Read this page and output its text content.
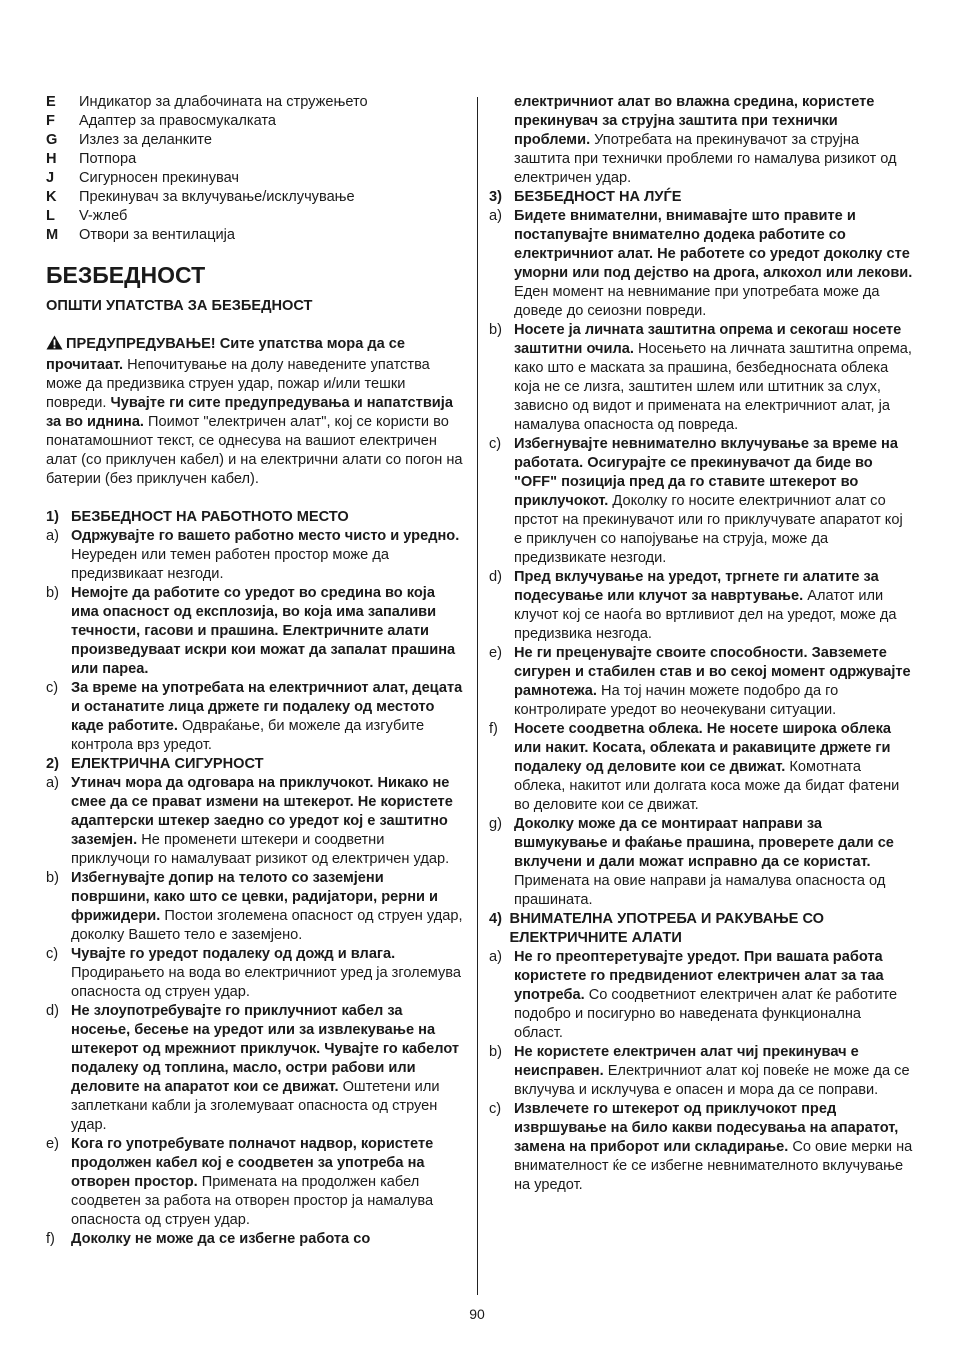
E	Индикатор за длабочината на стружењето
F	Адаптер за правосмукалката
G	Излез за деланките
H	Потпора
J	Сигурносен прекинувач
K	Прекинувач за вклучување/исклучување
L	V-жлеб
M	Отвори за вентилација
БЕЗБЕДНОСТ

ОПШТИ УПАТСТВА ЗА БЕЗБЕДНОСТ

ПРЕДУПРЕДУВАЊЕ! Сите упатства мора да се прочитаат. Непочитување на долу наведените упатства може да предизвика струен удар, пожар и/или тешки повреди. Чувајте ги сите предупредувања и напатствија за во иднина. Поимот "електричен алат", кој се користи во понатамошниот текст, се однесува на вашиот електричен алат (со приклучен кабел) и на електрични алати со погон на батерии (без приклучен кабел).

1) БЕЗБЕДНОСТ НА РАБОТНОТО МЕСТО
a) Одржувајте го вашето работно место чисто и уредно. Неуреден или темен работен простор може да предизвикаат незгоди.
b) Немојте да работите со уредот во средина во која има опасност од експлозија, во која има запаливи течности, гасови и прашина. Електричните алати произведуваат искри кои можат да запалат прашина или пареа.
c) За време на употребата на електричниот алат, децата и останатите лица држете ги подалеку од местото каде работите. Одвраќање, би можеле да изгубите контрола врз уредот.
2) ЕЛЕКТРИЧНА СИГУРНОСТ
a) Утинач мора да одговара на приклучокот. Никако не смее да се прават измени на штекерот. Не користете адаптерски штекер заедно со уредот кој е заштитно заземјен. Не променети штекери и соодветни приклучоци го намалуваат ризикот од електричен удар.
b) Избегнувајте допир на телото со заземјени површини, како што се цевки, радијатори, рерни и фрижидери. Постои зголемена опасност од струен удар, доколку Вашето тело е заземјено.
c) Чувајте го уредот подалеку од дожд и влага. Продирањето на вода во електричниот уред ја зголемува опасноста од струен удар.
d) Не злоупотребувајте го приклучниот кабел за носење, бесење на уредот или за извлекување на штекерот од мрежниот приклучок. Чувајте го кабелот подалеку од топлина, масло, остри рабови или деловите на апаратот кои се движат. Оштетени или заплеткани кабли ја зголемуваат опасноста од струен удар.
e) Кога го употребувате полначот надвор, користете продолжен кабел кој е соодветен за употреба на отворен простор. Примената на продолжен кабел соодветен за работа на отворен простор ја намалува опасноста од струен удар.
f)	Доколку не може да се избегне работа со

електричниот алат во влажна средина, користете прекинувач за струјна заштита при технички проблеми. Употребата на прекинувачот за струјна заштита при технички проблеми го намалува ризикот од електричен удар.

3) БЕЗБЕДНОСТ НА ЛУЃЕ
a) Бидете внимателни, внимавајте што правите и постапувајте внимателно додека работите со електричниот алат. Не работете со уредот доколку сте уморни или под дејство на дрога, алкохол или лекови. Еден момент на невнимание при употребата може да доведе до сеиозни повреди.
b) Носете ја личната заштитна опрема и секогаш носете заштитни очила. Носењето на личната заштитна опрема, како што е маската за прашина, безбедносната облека која не се лизга, заштитен шлем или штитник за слух, зависно од видот и примената на електричниот алат, ја намалува опасноста од повреда.
c) Избегнувајте невнимателно вклучување за време на работата. Осигурајте се прекинувачот да биде во "OFF" позиција пред да го ставите штекерот во приклучокот. Доколку го носите електричниот алат со прстот на прекинувачот или го приклучувате апаратот кој е приклучен со напојување на струја, може да предизвикате незгоди.
d) Пред вклучување на уредот, тргнете ги алатите за подесување или клучот за навртување. Алатот или клучот кој се наоѓа во вртливиот дел на уредот, може да предизвика незгода.
e) Не ги преценувајте своите способности. Завземете сигурен и стабилен став и во секој момент одржувајте рамнотежа. На тој начин можете подобро да го контролирате уредот во неочекувани ситуации.
f)	Носете соодветна облека. Не носете широка облека или накит. Косата, облеката и ракавиците држете ги подалеку од деловите кои се движат. Комотната облека, накитот или долгата коса може да бидат фатени во деловите кои се движат.
g) Доколку може да се монтираат направи за вшмукување и фаќање прашина, проверете дали се вклучени и дали можат исправно да се користат. Примената на овие направи ја намалува опасноста од прашината.
4) ВНИМАТЕЛНА УПОТРЕБА И РАКУВАЊЕ СО ЕЛЕКТРИЧНИТЕ АЛАТИ
a) Не го преоптеретувајте уредот. При вашата работа користете го предвидениот електричен алат за таа употреба. Со соодветниот електричен алат ќе работите подобро и посигурно во наведената функционална област.
b) Не користете електричен алат чиј прекинувач е неисправен. Електричниот алат кој повеќе не може да се вклучува и исклучува е опасен и мора да се поправи.
c) Извлечете го штекерот од приклучокот пред извршување на било какви подесувања на апаратот, замена на приборот или складирање. Со овие мерки на внимателност ќе се избегне невнимателното вклучување на уредот.
90
